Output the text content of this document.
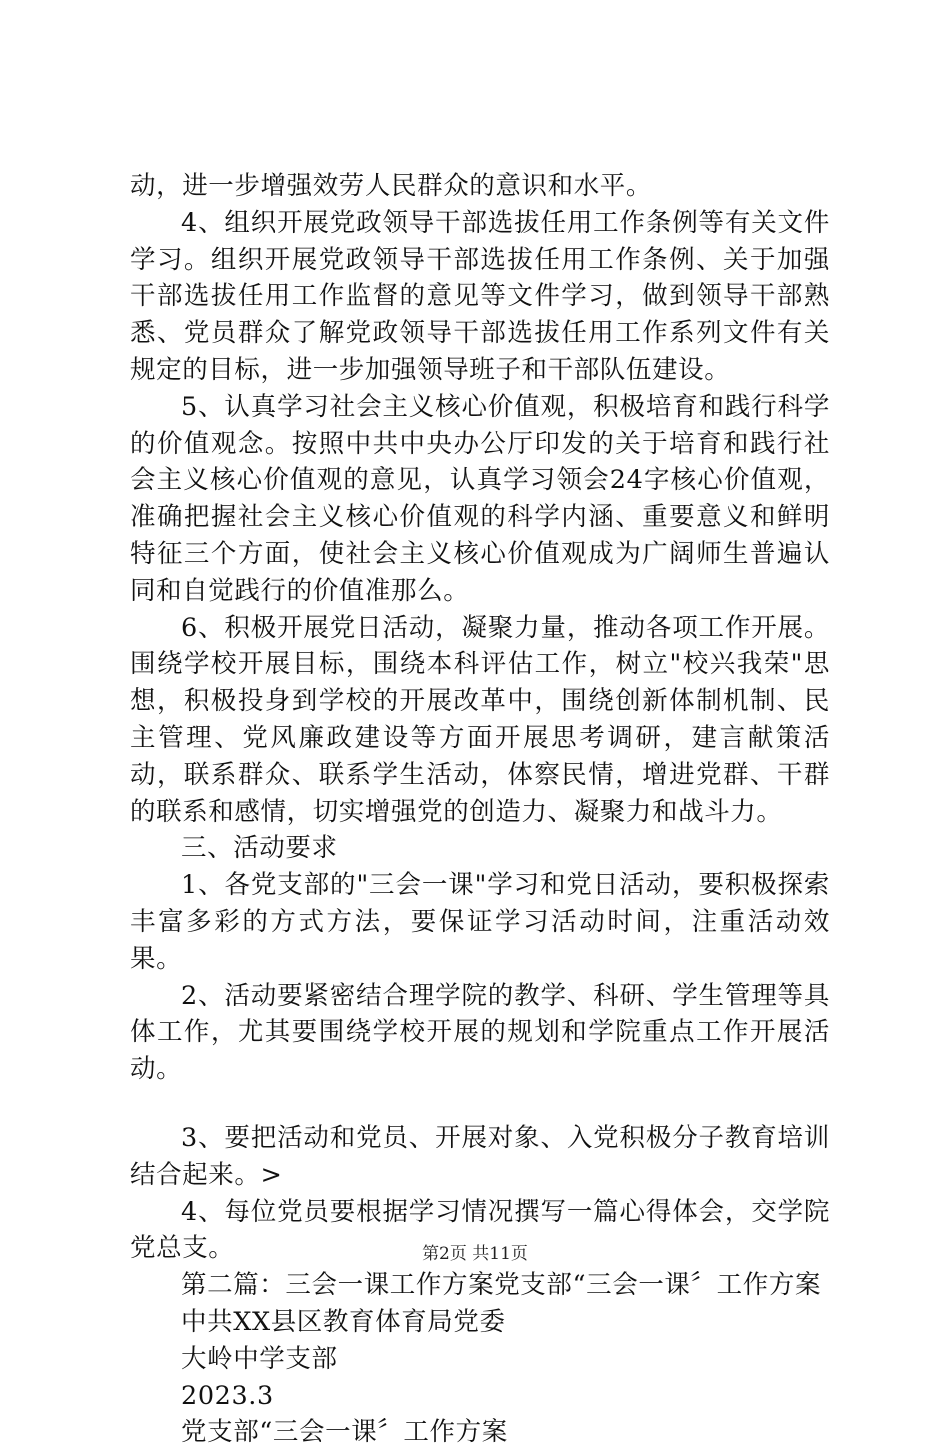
动，进一步增强效劳人民群众的意识和水平。

4、组织开展党政领导干部选拔任用工作条例等有关文件学习。组织开展党政领导干部选拔任用工作条例、关于加强干部选拔任用工作监督的意见等文件学习，做到领导干部熟悉、党员群众了解党政领导干部选拔任用工作系列文件有关规定的目标，进一步加强领导班子和干部队伍建设。

5、认真学习社会主义核心价值观，积极培育和践行科学的价值观念。按照中共中央办公厅印发的关于培育和践行社会主义核心价值观的意见，认真学习领会24字核心价值观，准确把握社会主义核心价值观的科学内涵、重要意义和鲜明特征三个方面，使社会主义核心价值观成为广阔师生普遍认同和自觉践行的价值准那么。

6、积极开展党日活动，凝聚力量，推动各项工作开展。围绕学校开展目标，围绕本科评估工作，树立"校兴我荣"思想，积极投身到学校的开展改革中，围绕创新体制机制、民主管理、党风廉政建设等方面开展思考调研，建言献策活动，联系群众、联系学生活动，体察民情，增进党群、干群的联系和感情，切实增强党的创造力、凝聚力和战斗力。

三、活动要求

1、各党支部的"三会一课"学习和党日活动，要积极探索丰富多彩的方式方法，要保证学习活动时间，注重活动效果。

2、活动要紧密结合理学院的教学、科研、学生管理等具体工作，尤其要围绕学校开展的规划和学院重点工作开展活动。

3、要把活动和党员、开展对象、入党积极分子教育培训结合起来。>

4、每位党员要根据学习情况撰写一篇心得体会，交学院党总支。

第二篇：三会一课工作方案党支部“三会一课〞工作方案

中共XX县区教育体育局党委

大岭中学支部

2023.3

党支部“三会一课〞工作方案

第2页 共11页
